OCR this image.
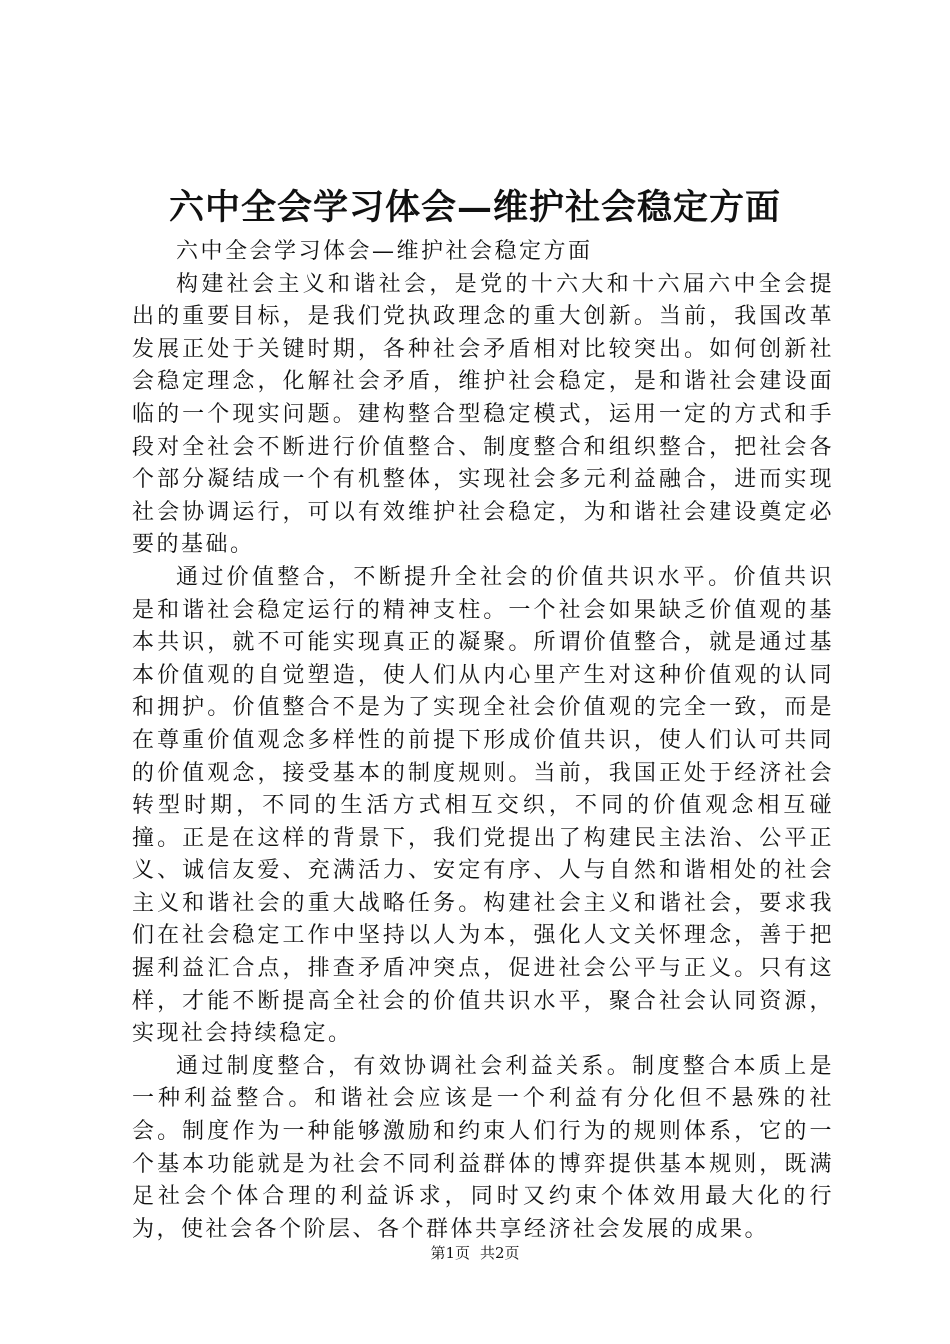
六中全会学习体会—维护社会稳定方面

六中全会学习体会—维护社会稳定方面

构建社会主义和谐社会，是党的十六大和十六届六中全会提出的重要目标，是我们党执政理念的重大创新。当前，我国改革发展正处于关键时期，各种社会矛盾相对比较突出。如何创新社会稳定理念，化解社会矛盾，维护社会稳定，是和谐社会建设面临的一个现实问题。建构整合型稳定模式，运用一定的方式和手段对全社会不断进行价值整合、制度整合和组织整合，把社会各个部分凝结成一个有机整体，实现社会多元利益融合，进而实现社会协调运行，可以有效维护社会稳定，为和谐社会建设奠定必要的基础。

通过价值整合，不断提升全社会的价值共识水平。价值共识是和谐社会稳定运行的精神支柱。一个社会如果缺乏价值观的基本共识，就不可能实现真正的凝聚。所谓价值整合，就是通过基本价值观的自觉塑造，使人们从内心里产生对这种价值观的认同和拥护。价值整合不是为了实现全社会价值观的完全一致，而是在尊重价值观念多样性的前提下形成价值共识，使人们认可共同的价值观念，接受基本的制度规则。当前，我国正处于经济社会转型时期，不同的生活方式相互交织，不同的价值观念相互碰撞。正是在这样的背景下，我们党提出了构建民主法治、公平正义、诚信友爱、充满活力、安定有序、人与自然和谐相处的社会主义和谐社会的重大战略任务。构建社会主义和谐社会，要求我们在社会稳定工作中坚持以人为本，强化人文关怀理念，善于把握利益汇合点，排查矛盾冲突点，促进社会公平与正义。只有这样，才能不断提高全社会的价值共识水平，聚合社会认同资源，实现社会持续稳定。

通过制度整合，有效协调社会利益关系。制度整合本质上是一种利益整合。和谐社会应该是一个利益有分化但不悬殊的社会。制度作为一种能够激励和约束人们行为的规则体系，它的一个基本功能就是为社会不同利益群体的博弈提供基本规则，既满足社会个体合理的利益诉求，同时又约束个体效用最大化的行为，使社会各个阶层、各个群体共享经济社会发展的成果。

第1页 共2页
